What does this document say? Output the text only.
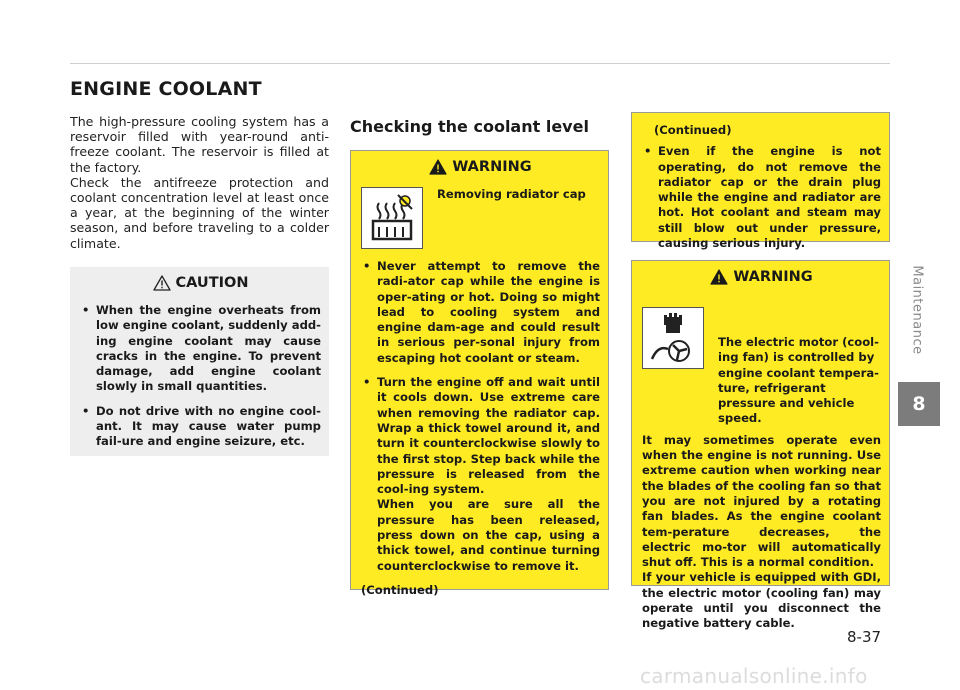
ENGINE COOLANT

The high-pressure cooling system has a reservoir filled with year-round anti-freeze coolant. The reservoir is filled at the factory.

Check the antifreeze protection and coolant concentration level at least once a year, at the beginning of the winter season, and before traveling to a colder climate.

CAUTION
• When the engine overheats from low engine coolant, suddenly add-ing engine coolant may cause cracks in the engine. To prevent damage, add engine coolant slowly in small quantities.
• Do not drive with no engine cool-ant. It may cause water pump fail-ure and engine seizure, etc.
Checking the coolant level
WARNING
Removing radiator cap
• Never attempt to remove the radi-ator cap while the engine is oper-ating or hot. Doing so might lead to cooling system and engine dam-age and could result in serious per-sonal injury from escaping hot coolant or steam.
• Turn the engine off and wait until it cools down. Use extreme care when removing the radiator cap. Wrap a thick towel around it, and turn it counterclockwise slowly to the first stop. Step back while the pressure is released from the cool-ing system.
When you are sure all the pressure has been released, press down on the cap, using a thick towel, and continue turning counterclockwise to remove it.
(Continued)
(Continued)
• Even if the engine is not operating, do not remove the radiator cap or the drain plug while the engine and radiator are hot. Hot coolant and steam may still blow out under pressure, causing serious injury.
WARNING
The electric motor (cool-ing fan) is controlled by engine coolant tempera-ture, refrigerant pressure and vehicle speed.

It may sometimes operate even when the engine is not running. Use extreme caution when working near the blades of the cooling fan so that you are not injured by a rotating fan blades. As the engine coolant tem-perature decreases, the electric mo-tor will automatically shut off. This is a normal condition.

If your vehicle is equipped with GDI, the electric motor (cooling fan) may operate until you disconnect the negative battery cable.

Maintenance
8
8-37
carmanualsonline.info
